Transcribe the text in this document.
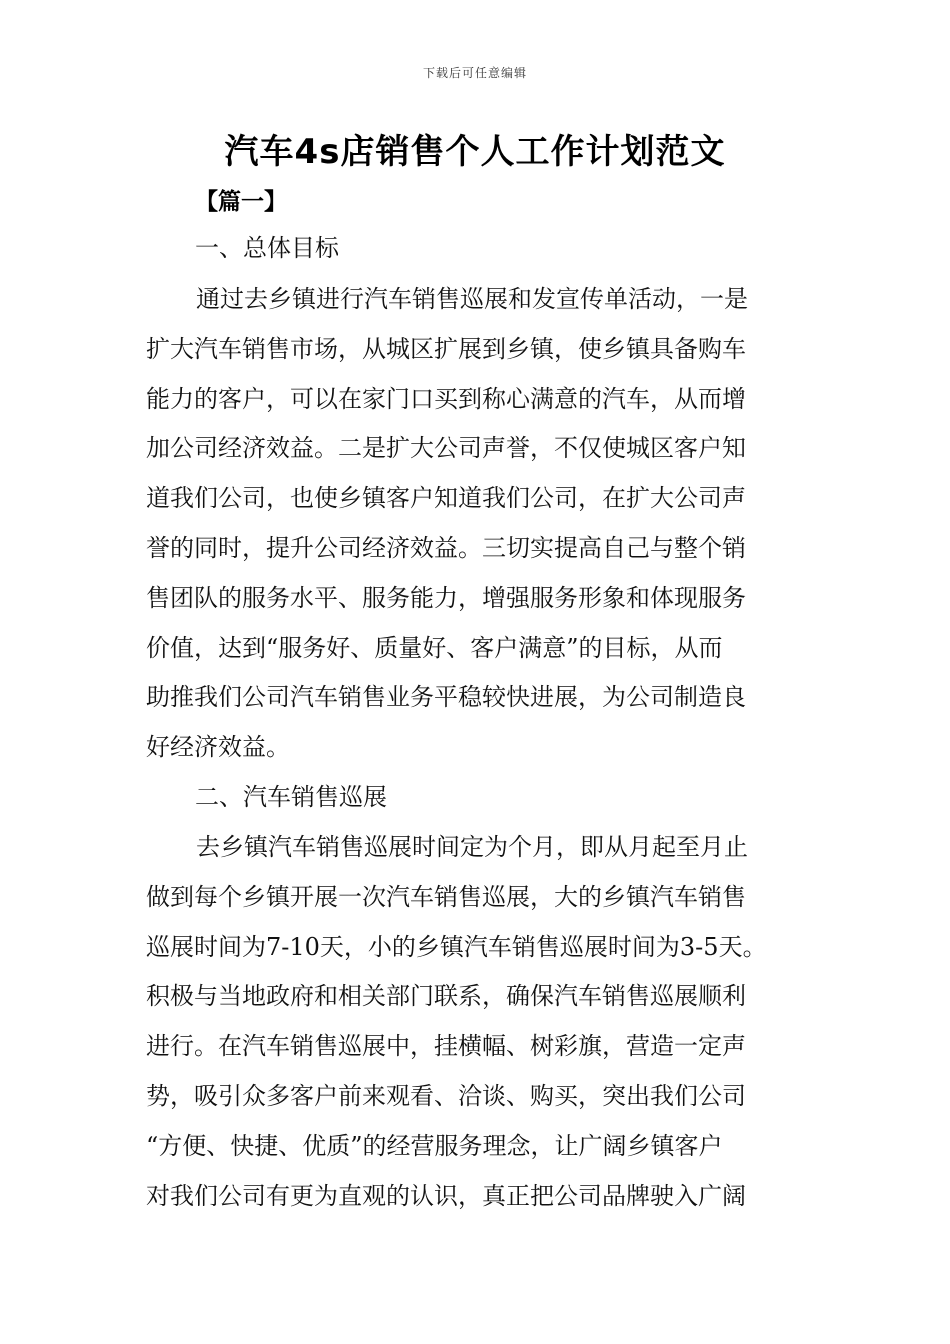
下载后可任意编辑
汽车4s店销售个人工作计划范文
【篇一】
一、总体目标
通过去乡镇进行汽车销售巡展和发宣传单活动，一是
扩大汽车销售市场，从城区扩展到乡镇，使乡镇具备购车
能力的客户，可以在家门口买到称心满意的汽车，从而增
加公司经济效益。二是扩大公司声誉，不仅使城区客户知
道我们公司，也使乡镇客户知道我们公司，在扩大公司声
誉的同时，提升公司经济效益。三切实提高自己与整个销
售团队的服务水平、服务能力，增强服务形象和体现服务
价值，达到“服务好、质量好、客户满意”的目标，从而
助推我们公司汽车销售业务平稳较快进展，为公司制造良
好经济效益。
二、汽车销售巡展
去乡镇汽车销售巡展时间定为个月，即从月起至月止
做到每个乡镇开展一次汽车销售巡展，大的乡镇汽车销售
巡展时间为7-10天，小的乡镇汽车销售巡展时间为3-5天。
积极与当地政府和相关部门联系，确保汽车销售巡展顺利
进行。在汽车销售巡展中，挂横幅、树彩旗，营造一定声
势，吸引众多客户前来观看、洽谈、购买，突出我们公司
“方便、快捷、优质”的经营服务理念，让广阔乡镇客户
对我们公司有更为直观的认识，真正把公司品牌驶入广阔
